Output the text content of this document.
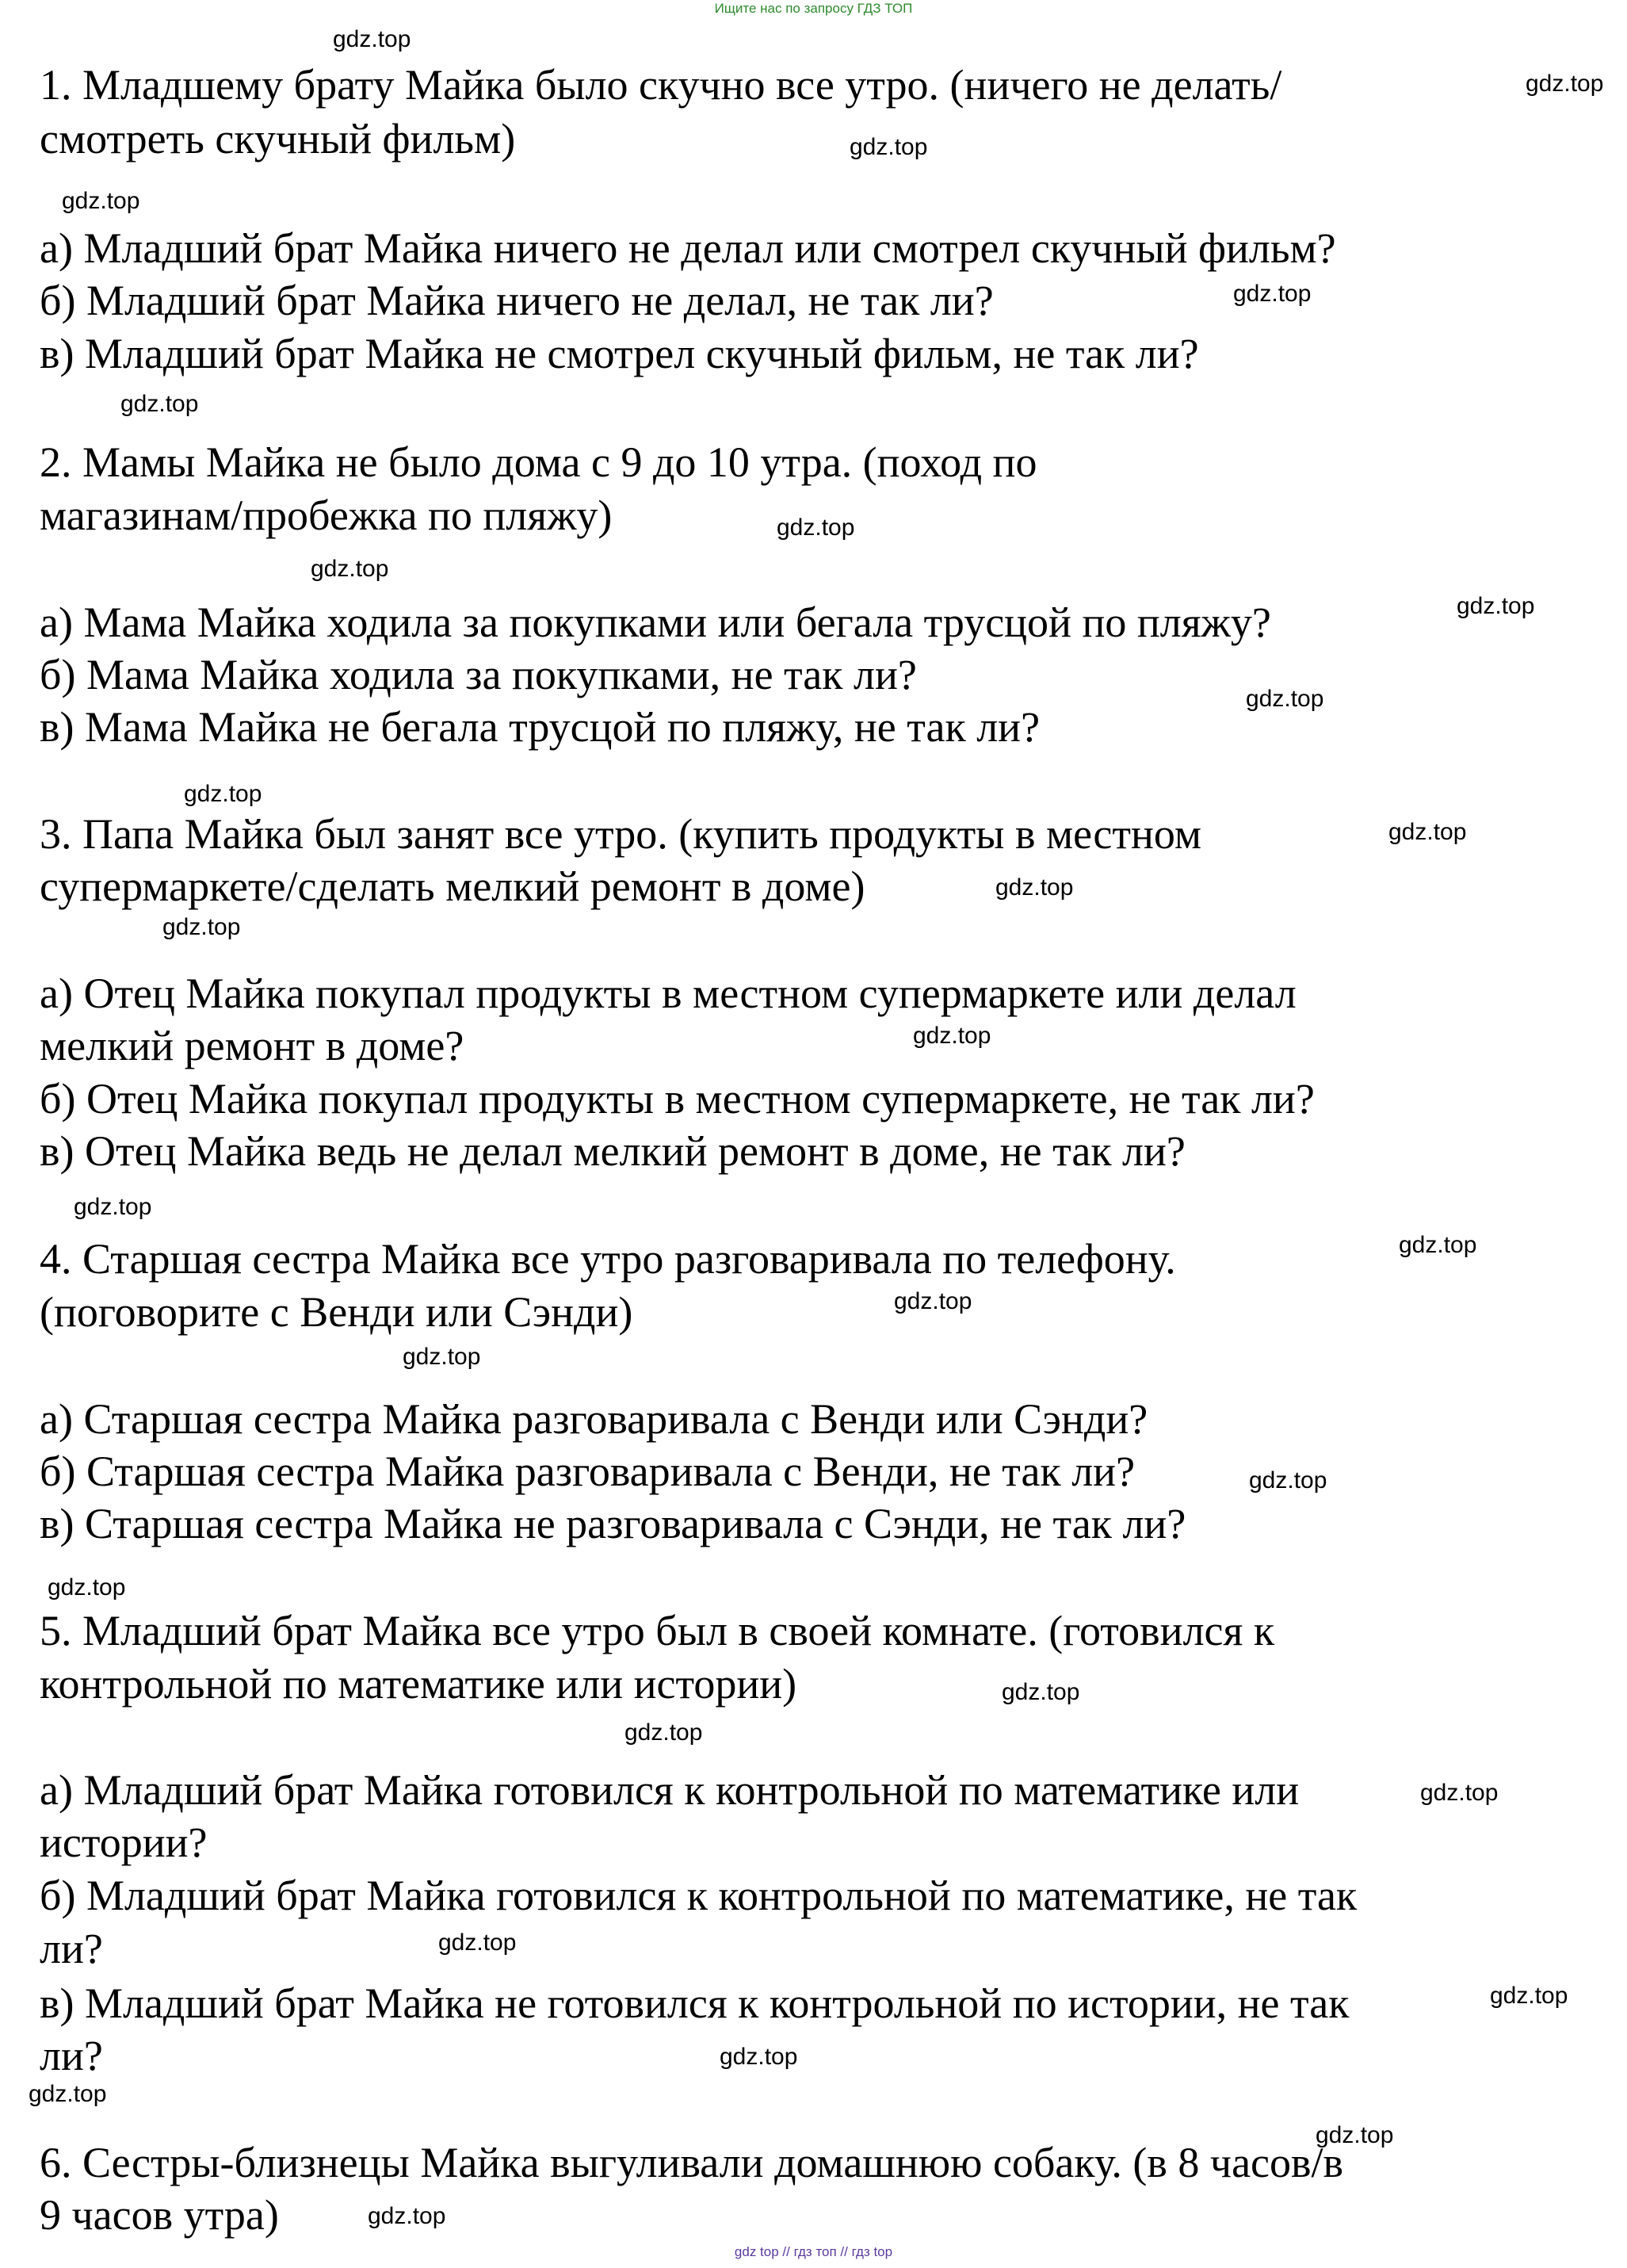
Ищите нас по запросу ГДЗ ТОП
1. Младшему брату Майка было скучно все утро. (ничего не делать/
смотреть скучный фильм)
а) Младший брат Майка ничего не делал или смотрел скучный фильм?
б) Младший брат Майка ничего не делал, не так ли?
в) Младший брат Майка не смотрел скучный фильм, не так ли?
2. Мамы Майка не было дома с 9 до 10 утра. (поход по
магазинам/пробежка по пляжу)
а) Мама Майка ходила за покупками или бегала трусцой по пляжу?
б) Мама Майка ходила за покупками, не так ли?
в) Мама Майка не бегала трусцой по пляжу, не так ли?
3. Папа Майка был занят все утро. (купить продукты в местном
супермаркете/сделать мелкий ремонт в доме)
а) Отец Майка покупал продукты в местном супермаркете или делал
мелкий ремонт в доме?
б) Отец Майка покупал продукты в местном супермаркете, не так ли?
в) Отец Майка ведь не делал мелкий ремонт в доме, не так ли?
4. Старшая сестра Майка все утро разговаривала по телефону.
(поговорите с Венди или Сэнди)
а) Старшая сестра Майка разговаривала с Венди или Сэнди?
б) Старшая сестра Майка разговаривала с Венди, не так ли?
в) Старшая сестра Майка не разговаривала с Сэнди, не так ли?
5. Младший брат Майка все утро был в своей комнате. (готовился к
контрольной по математике или истории)
а) Младший брат Майка готовился к контрольной по математике или
истории?
б) Младший брат Майка готовился к контрольной по математике, не так
ли?
в) Младший брат Майка не готовился к контрольной по истории, не так
ли?
6. Сестры-близнецы Майка выгуливали домашнюю собаку. (в 8 часов/в
9 часов утра)
gdz.top
gdz.top
gdz.top
gdz.top
gdz.top
gdz.top
gdz.top
gdz.top
gdz.top
gdz.top
gdz.top
gdz.top
gdz.top
gdz.top
gdz.top
gdz.top
gdz.top
gdz.top
gdz.top
gdz.top
gdz.top
gdz.top
gdz.top
gdz.top
gdz.top
gdz.top
gdz.top
gdz.top
gdz.top
gdz.top
gdz top // гдз топ // гдз top
